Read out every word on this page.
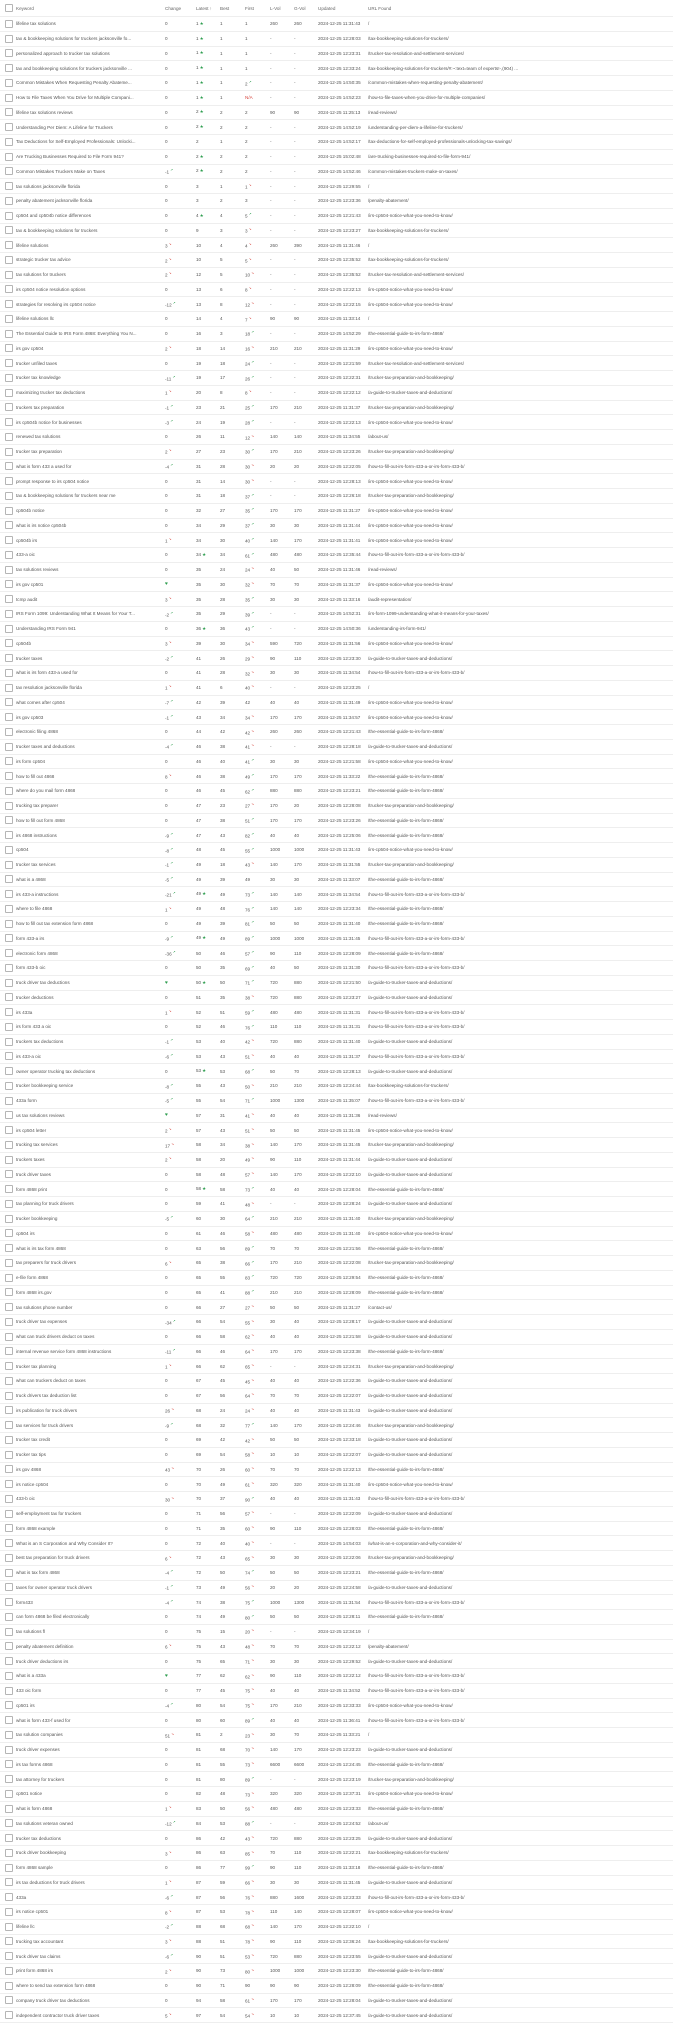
	Keyword	Change	Latest↑	Best	First	L-Vol	G-Vol	Updated	URL Found
	lifeline tax solutions	0	1★	1	1	260	260	2024-12-25 11:31:43	/
	tax & bookkeeping solutions for truckers jacksonville fo...	0	1★	1	1	-	-	2024-12-25 12:28:03	/tax-bookkeeping-solutions-for-truckers/
	personalized approach to trucker tax solutions	0	1★	1	1	-	-	2024-12-25 12:23:31	/trucker-tax-resolution-and-settlement-services/
	tax and bookkeeping solutions for truckers jacksonville ...	0	1★	1	1	-	-	2024-12-25 12:33:24	/tax-bookkeeping-solutions-for-truckers/#:~:text=team of experts!-,(904) ...
	Common Mistakes When Requesting Penalty Abateme...	0	1★	1	2↗	-	-	2024-12-25 14:50:35	/common-mistakes-when-requesting-penalty-abatement/
	How to File Taxes When You Drive for Multiple Compani...	0	1★	1	N/A	-	-	2024-12-25 14:52:23	/how-to-file-taxes-when-you-drive-for-multiple-companies/
	lifeline tax solutions reviews	0	2★	2	2	90	90	2024-12-25 11:25:13	/read-reviews/
	Understanding Per Diem: A Lifeline for Truckers	0	2★	2	2	-	-	2024-12-25 14:52:19	/understanding-per-diem-a-lifeline-for-truckers/
	Tax Deductions for Self-Employed Professionals: Unlocki...	0	2	1	2	-	-	2024-12-25 14:52:17	/tax-deductions-for-self-employed-professionals-unlocking-tax-savings/
	Are Trucking Businesses Required to File Form 941?	0	2★	2	2	-	-	2024-12-25 15:02:48	/are-trucking-businesses-required-to-file-form-941/
	Common Mistakes Truckers Make on Taxes	-1↗	2★	2	2	-	-	2024-12-25 14:52:46	/common-mistakes-truckers-make-on-taxes/
	tax solutions jacksonville florida	0	3	1	1↘	-	-	2024-12-25 12:29:55	/
	penalty abatement jacksonville florida	0	3	2	3	-	-	2024-12-25 12:23:36	/penalty-abatement/
	cp504 and cp504b notice differences	0	4★	4	5↗	-	-	2024-12-25 12:21:43	/irs-cp504-notice-what-you-need-to-know/
	tax & bookkeeping solutions for truckers	0	9	3	3↘	-	-	2024-12-25 12:23:27	/tax-bookkeeping-solutions-for-truckers/
	lifeline solutions	3↘	10	4	4↘	260	390	2024-12-25 11:31:46	/
	strategic trucker tax advice	2↘	10	5	5↘	-	-	2024-12-25 12:35:52	/tax-bookkeeping-solutions-for-truckers/
	tax solutions for truckers	2↘	12	5	10↘	-	-	2024-12-25 12:35:52	/trucker-tax-resolution-and-settlement-services/
	irs cp504 notice resolution options	0	13	6	8↘	-	-	2024-12-25 12:22:13	/irs-cp504-notice-what-you-need-to-know/
	strategies for resolving irs cp504 notice	-12↗	13	8	12↘	-	-	2024-12-25 12:22:15	/irs-cp504-notice-what-you-need-to-know/
	lifeline solutions llc	0	14	4	7↘	90	90	2024-12-25 11:33:14	/
	The Essential Guide to IRS Form 4868: Everything You N...	0	16	3	18↗	-	-	2024-12-25 14:52:29	/the-essential-guide-to-irs-form-4868/
	irs gov cp504	2↘	18	14	16↘	210	210	2024-12-25 11:31:29	/irs-cp504-notice-what-you-need-to-know/
	trucker unfiled taxes	0	19	18	24↗	-	-	2024-12-25 12:21:59	/trucker-tax-resolution-and-settlement-services/
	trucker tax knowledge	-11↗	19	17	26↗	-	-	2024-12-25 12:22:31	/trucker-tax-preparation-and-bookkeeping/
	maximizing trucker tax deductions	1↘	20	8	8↘	-	-	2024-12-25 12:22:12	/a-guide-to-trucker-taxes-and-deductions/
	truckers tax preparation	-1↗	23	21	25↗	170	210	2024-12-25 11:31:37	/trucker-tax-preparation-and-bookkeeping/
	irs cp504b notice for businesses	-3↗	24	19	28↗	-	-	2024-12-25 12:22:13	/irs-cp504-notice-what-you-need-to-know/
	renewed tax solutions	0	26	11	12↘	140	140	2024-12-25 11:34:55	/about-us/
	trucker tax preparation	2↘	27	23	30↗	170	210	2024-12-25 12:23:26	/trucker-tax-preparation-and-bookkeeping/
	what is form 433 a used for	-4↗	31	28	30↘	20	20	2024-12-25 12:22:05	/how-to-fill-out-irs-form-433-a-or-irs-form-433-b/
	prompt response to irs cp504 notice	0	31	14	30↘	-	-	2024-12-25 12:28:13	/irs-cp504-notice-what-you-need-to-know/
	tax & bookkeeping solutions for truckers near me	0	31	18	37↗	-	-	2024-12-25 12:26:18	/trucker-tax-preparation-and-bookkeeping/
	cp504b notice	0	32	27	35↗	170	170	2024-12-25 11:31:27	/irs-cp504-notice-what-you-need-to-know/
	what is irs notice cp504b	0	34	29	37↗	30	30	2024-12-25 11:31:44	/irs-cp504-notice-what-you-need-to-know/
	cp504b irs	1↘	34	30	40↗	140	170	2024-12-25 11:31:41	/irs-cp504-notice-what-you-need-to-know/
	433-a oic	0	34★	34	61↗	480	480	2024-12-25 12:35:44	/how-to-fill-out-irs-form-433-a-or-irs-form-433-b/
	tax solutions reviews	0	35	24	24↘	40	50	2024-12-25 11:31:46	/read-reviews/
	irs gov cp501	♥	35	30	32↘	70	70	2024-12-25 11:31:37	/irs-cp504-notice-what-you-need-to-know/
	tcmp audit	3↘	35	28	35↗	30	30	2024-12-25 11:33:16	/audit-representation/
	IRS Form 1099: Understanding What It Means for Your T...	-2↗	35	29	39↗	-	-	2024-12-25 14:52:31	/irs-form-1099-understanding-what-it-means-for-your-taxes/
	Understanding IRS Form 941	0	36★	36	43↗	-	-	2024-12-25 14:50:36	/understanding-irs-form-941/
	cp504b	3↘	39	30	34↘	590	720	2024-12-25 11:31:56	/irs-cp504-notice-what-you-need-to-know/
	trucker taxes	-2↗	41	26	29↘	90	110	2024-12-25 12:23:30	/a-guide-to-trucker-taxes-and-deductions/
	what is irs form 433-a used for	0	41	28	32↘	30	30	2024-12-25 11:34:54	/how-to-fill-out-irs-form-433-a-or-irs-form-433-b/
	tax resolution jacksonville florida	1↘	41	6	40↘	-	-	2024-12-25 12:23:25	/
	what comes after cp504	-7↗	42	39	42	40	40	2024-12-25 11:31:49	/irs-cp504-notice-what-you-need-to-know/
	irs gov cp503	-1↗	43	34	34↘	170	170	2024-12-25 11:34:57	/irs-cp504-notice-what-you-need-to-know/
	electronic filing 4868	0	44	42	42↘	260	260	2024-12-25 12:21:43	/the-essential-guide-to-irs-form-4868/
	trucker taxes and deductions	-4↗	46	38	41↘	-	-	2024-12-25 12:28:18	/a-guide-to-trucker-taxes-and-deductions/
	irs form cp504	0	46	40	41↗	30	30	2024-12-25 12:21:58	/irs-cp504-notice-what-you-need-to-know/
	how to fill out 4868	8↘	46	38	49↗	170	170	2024-12-25 11:33:22	/the-essential-guide-to-irs-form-4868/
	where do you mail form 4868	0	46	45	62↗	880	880	2024-12-25 12:23:21	/the-essential-guide-to-irs-form-4868/
	trucking tax preparer	0	47	23	27↘	170	20	2024-12-25 12:28:08	/trucker-tax-preparation-and-bookkeeping/
	how to fill out form 4868	0	47	38	51↗	170	170	2024-12-25 12:23:26	/the-essential-guide-to-irs-form-4868/
	irs 4868 instructions	-9↗	47	43	82↗	40	40	2024-12-25 12:25:06	/the-essential-guide-to-irs-form-4868/
	cp504	-8↗	48	45	55↗	1000	1000	2024-12-25 11:31:43	/irs-cp504-notice-what-you-need-to-know/
	trucker tax services	-1↗	49	18	43↘	140	170	2024-12-25 11:31:55	/trucker-tax-preparation-and-bookkeeping/
	what is a 4868	-5↗	49	39	49	30	30	2024-12-25 11:33:07	/the-essential-guide-to-irs-form-4868/
	irs 433-a instructions	-21↗	49★	49	73↗	140	140	2024-12-25 11:34:54	/how-to-fill-out-irs-form-433-a-or-irs-form-433-b/
	where to file 4868	1↘	49	48	76↗	140	140	2024-12-25 12:23:34	/the-essential-guide-to-irs-form-4868/
	how to fill out tax extension form 4868	0	49	39	81↗	50	50	2024-12-25 11:31:40	/the-essential-guide-to-irs-form-4868/
	form 433-a irs	-9↗	49★	49	89↗	1000	1000	2024-12-25 11:31:45	/how-to-fill-out-irs-form-433-a-or-irs-form-433-b/
	electronic form 4868	-36↗	50	46	57↗	90	110	2024-12-25 12:28:09	/the-essential-guide-to-irs-form-4868/
	form 433-b oic	0	50	35	69↗	40	50	2024-12-25 11:31:30	/how-to-fill-out-irs-form-433-a-or-irs-form-433-b/
	truck driver tax deductions	♥	50★	50	71↗	720	880	2024-12-25 12:21:50	/a-guide-to-trucker-taxes-and-deductions/
	trucker deductions	0	51	35	38↘	720	880	2024-12-25 12:23:27	/a-guide-to-trucker-taxes-and-deductions/
	irs 433a	1↘	52	51	59↗	480	480	2024-12-25 11:31:31	/how-to-fill-out-irs-form-433-a-or-irs-form-433-b/
	irs form 433 a oic	0	52	46	76↗	110	110	2024-12-25 11:31:31	/how-to-fill-out-irs-form-433-a-or-irs-form-433-b/
	truckers tax deductions	-1↗	53	40	42↘	720	880	2024-12-25 11:31:40	/a-guide-to-trucker-taxes-and-deductions/
	irs 433-a oic	-6↗	53	43	51↘	40	40	2024-12-25 11:31:37	/how-to-fill-out-irs-form-433-a-or-irs-form-433-b/
	owner operator trucking tax deductions	0	53★	53	68↗	50	70	2024-12-25 12:28:13	/a-guide-to-trucker-taxes-and-deductions/
	trucker bookkeeping service	-8↗	55	43	50↘	210	210	2024-12-25 12:24:44	/tax-bookkeeping-solutions-for-truckers/
	433a form	-5↗	55	54	71↗	1000	1300	2024-12-25 11:35:07	/how-to-fill-out-irs-form-433-a-or-irs-form-433-b/
	us tax solutions reviews	♥	57	31	41↘	40	40	2024-12-25 11:31:36	/read-reviews/
	irs cp504 letter	2↘	57	43	51↘	50	50	2024-12-25 11:31:45	/irs-cp504-notice-what-you-need-to-know/
	trucking tax services	17↘	58	34	38↘	140	170	2024-12-25 11:31:45	/trucker-tax-preparation-and-bookkeeping/
	truckers taxes	2↘	58	20	49↘	90	110	2024-12-25 11:31:44	/a-guide-to-trucker-taxes-and-deductions/
	truck driver taxes	0	58	48	57↘	140	170	2024-12-25 12:22:10	/a-guide-to-trucker-taxes-and-deductions/
	form 4868 print	0	58★	58	73↗	40	40	2024-12-25 12:28:04	/the-essential-guide-to-irs-form-4868/
	tax planning for truck drivers	0	59	41	48↘	-	-	2024-12-25 12:28:24	/a-guide-to-trucker-taxes-and-deductions/
	trucker bookkeeping	-5↗	60	30	64↗	210	210	2024-12-25 11:31:40	/trucker-tax-preparation-and-bookkeeping/
	cp504 irs	0	61	46	58↘	480	480	2024-12-25 11:31:40	/irs-cp504-notice-what-you-need-to-know/
	what is irs tax form 4868	0	63	56	89↗	70	70	2024-12-25 12:21:56	/the-essential-guide-to-irs-form-4868/
	tax preparers for truck drivers	6↘	65	38	66↗	170	210	2024-12-25 12:22:08	/trucker-tax-preparation-and-bookkeeping/
	e-file form 4868	0	65	55	83↗	720	720	2024-12-25 12:29:54	/the-essential-guide-to-irs-form-4868/
	form 4868 irs.gov	0	65	41	88↗	210	210	2024-12-25 12:28:09	/the-essential-guide-to-irs-form-4868/
	tax solutions phone number	0	66	27	27↘	50	50	2024-12-25 11:31:27	/contact-us/
	truck driver tax expenses	-34↗	66	54	55↘	30	40	2024-12-25 12:28:17	/a-guide-to-trucker-taxes-and-deductions/
	what can truck drivers deduct on taxes	0	66	58	62↘	40	40	2024-12-25 12:21:58	/a-guide-to-trucker-taxes-and-deductions/
	internal revenue service form 4868 instructions	-11↗	66	46	64↘	170	170	2024-12-25 12:23:38	/the-essential-guide-to-irs-form-4868/
	trucker tax planning	1↘	66	62	65↘	-	-	2024-12-25 12:24:31	/trucker-tax-preparation-and-bookkeeping/
	what can truckers deduct on taxes	0	67	45	45↘	40	40	2024-12-25 12:22:36	/a-guide-to-trucker-taxes-and-deductions/
	truck drivers tax deduction list	0	67	56	64↘	70	70	2024-12-25 12:22:07	/a-guide-to-trucker-taxes-and-deductions/
	irs publication for truck drivers	26↘	68	24	24↘	40	40	2024-12-25 11:31:43	/a-guide-to-trucker-taxes-and-deductions/
	tax services for truck drivers	-9↗	68	32	77↗	140	170	2024-12-25 12:24:46	/trucker-tax-preparation-and-bookkeeping/
	trucker tax credit	0	69	42	42↘	50	50	2024-12-25 12:33:18	/a-guide-to-trucker-taxes-and-deductions/
	trucker tax tips	0	69	54	58↘	10	10	2024-12-25 12:22:07	/a-guide-to-trucker-taxes-and-deductions/
	irs gov 4868	43↘	70	26	60↘	70	70	2024-12-25 12:22:13	/the-essential-guide-to-irs-form-4868/
	irs notice cp504	0	70	49	61↘	320	320	2024-12-25 11:31:40	/irs-cp504-notice-what-you-need-to-know/
	433-b oic	30↘	70	37	90↗	40	40	2024-12-25 11:31:43	/how-to-fill-out-irs-form-433-a-or-irs-form-433-b/
	self-employment tax for truckers	0	71	56	57↘	-	-	2024-12-25 12:22:09	/a-guide-to-trucker-taxes-and-deductions/
	form 4868 example	0	71	35	60↘	90	110	2024-12-25 12:28:03	/the-essential-guide-to-irs-form-4868/
	What is an S Corporation and Why Consider It?	0	72	40	40↘	-	-	2024-12-25 14:54:03	/what-is-an-s-corporation-and-why-consider-it/
	best tax preparation for truck drivers	6↘	72	43	65↘	30	30	2024-12-25 12:22:06	/trucker-tax-preparation-and-bookkeeping/
	what is tax form 4868	-4↗	72	50	74↗	50	50	2024-12-25 12:23:21	/the-essential-guide-to-irs-form-4868/
	taxes for owner operator truck drivers	-1↗	73	49	56↘	20	20	2024-12-25 12:24:58	/a-guide-to-trucker-taxes-and-deductions/
	form433	-4↗	74	38	75↗	1000	1300	2024-12-25 11:31:54	/how-to-fill-out-irs-form-433-a-or-irs-form-433-b/
	can form 4868 be filed electronically	0	74	49	80↗	50	50	2024-12-25 12:28:11	/the-essential-guide-to-irs-form-4868/
	tax solutions fl	0	75	15	20↘	-	-	2024-12-25 12:34:19	/
	penalty abatement definition	6↘	75	43	48↘	70	70	2024-12-25 12:22:12	/penalty-abatement/
	truck driver deductions irs	0	75	65	71↘	30	30	2024-12-25 12:29:52	/a-guide-to-trucker-taxes-and-deductions/
	what is a 433a	♥	77	62	62↘	90	110	2024-12-25 12:22:12	/how-to-fill-out-irs-form-433-a-or-irs-form-433-b/
	433 oic form	0	77	45	75↘	40	40	2024-12-25 11:34:52	/how-to-fill-out-irs-form-433-a-or-irs-form-433-b/
	cp501 irs	-4↗	80	54	75↘	170	210	2024-12-25 12:33:33	/irs-cp504-notice-what-you-need-to-know/
	what is form 433-f used for	0	80	60	89↗	40	40	2024-12-25 11:36:41	/how-to-fill-out-irs-form-433-a-or-irs-form-433-b/
	tax solution companies	51↘	81	2	23↘	30	70	2024-12-25 11:33:21	/
	truck driver expenses	0	81	68	70↘	140	170	2024-12-25 12:23:23	/a-guide-to-trucker-taxes-and-deductions/
	irs tax forms 4868	0	81	55	73↘	6600	6600	2024-12-25 12:24:45	/the-essential-guide-to-irs-form-4868/
	tax attorney for truckers	0	81	80	89↗	-	-	2024-12-25 12:23:19	/trucker-tax-preparation-and-bookkeeping/
	cp501 notice	0	82	48	73↘	320	320	2024-12-25 12:37:31	/irs-cp504-notice-what-you-need-to-know/
	what is form 4868	1↘	83	50	56↘	480	480	2024-12-25 12:23:33	/the-essential-guide-to-irs-form-4868/
	tax solutions veteran owned	-12↗	84	53	88↗	-	-	2024-12-25 12:24:52	/about-us/
	trucker tax deductions	0	86	42	43↘	720	880	2024-12-25 12:23:25	/a-guide-to-trucker-taxes-and-deductions/
	truck driver bookkeeping	3↘	86	63	85↘	70	110	2024-12-25 12:22:21	/tax-bookkeeping-solutions-for-truckers/
	form 4868 sample	0	86	77	99↗	90	110	2024-12-25 11:33:18	/the-essential-guide-to-irs-form-4868/
	irs tax deductions for truck drivers	1↘	87	59	66↘	30	30	2024-12-25 11:31:45	/a-guide-to-trucker-taxes-and-deductions/
	433a	-6↗	87	56	76↘	880	1600	2024-12-25 12:23:33	/how-to-fill-out-irs-form-433-a-or-irs-form-433-b/
	irs notice cp501	8↘	87	53	78↘	110	140	2024-12-25 12:28:07	/irs-cp504-notice-what-you-need-to-know/
	lifeline llc	-2↗	88	68	68↘	140	170	2024-12-25 12:22:10	/
	trucking tax accountant	3↘	88	51	78↘	90	110	2024-12-25 12:36:24	/tax-bookkeeping-solutions-for-truckers/
	truck driver tax claims	-6↗	90	51	53↘	720	880	2024-12-25 12:23:55	/a-guide-to-trucker-taxes-and-deductions/
	print form 4868 irs	2↘	90	73	80↘	1000	1000	2024-12-25 12:23:30	/the-essential-guide-to-irs-form-4868/
	where to send tax extension form 4868	0	90	71	90	90	90	2024-12-25 12:28:09	/the-essential-guide-to-irs-form-4868/
	company truck driver tax deductions	0	94	58	61↘	170	170	2024-12-25 12:28:04	/a-guide-to-trucker-taxes-and-deductions/
	independent contractor truck driver taxes	5↘	97	54	54↘	10	10	2024-12-25 12:37:45	/a-guide-to-trucker-taxes-and-deductions/
